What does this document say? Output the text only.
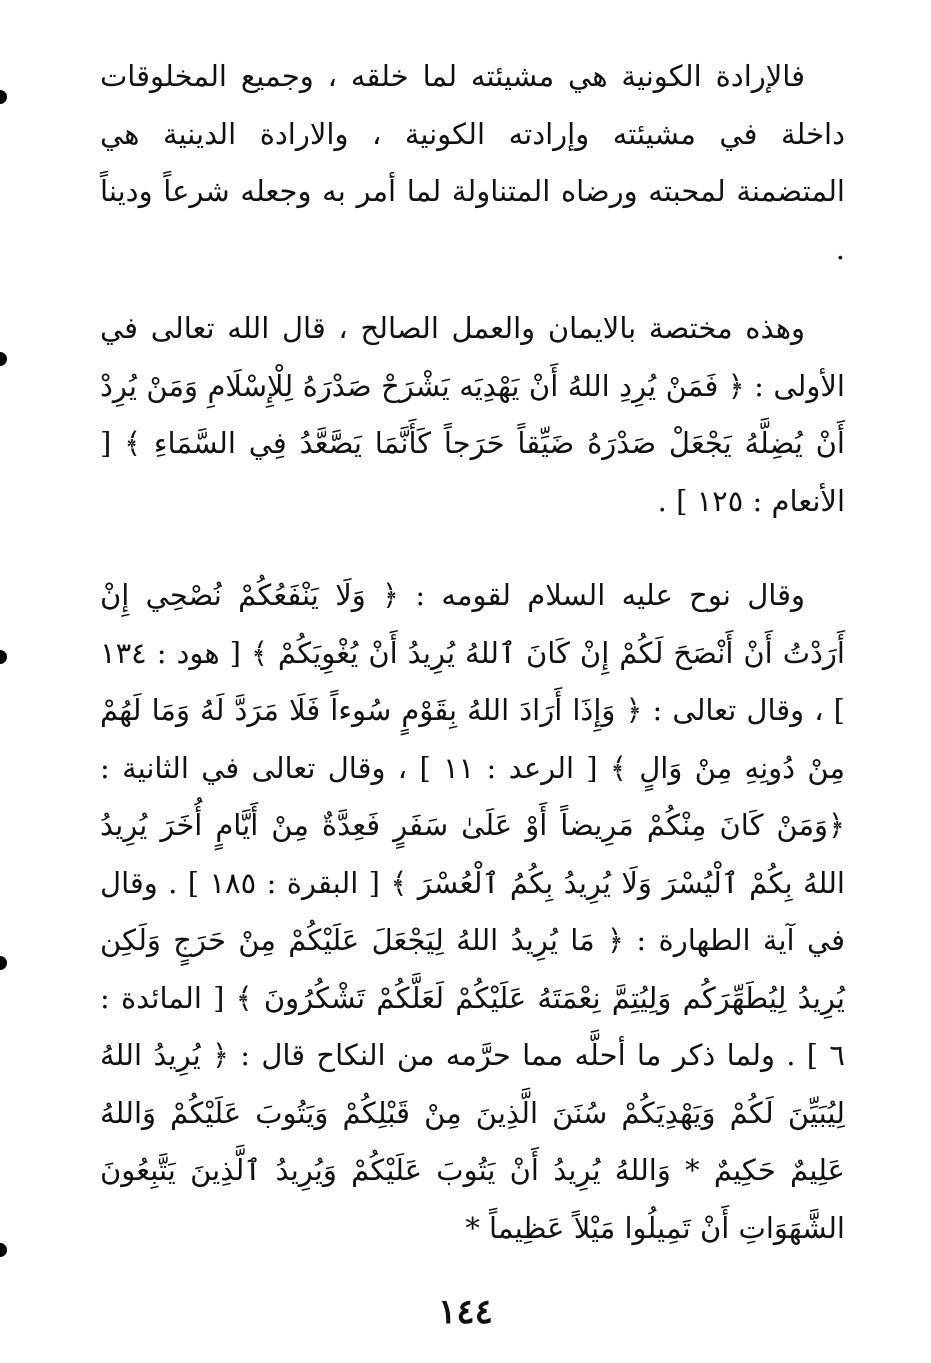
فالإرادة الكونية هي مشيئته لما خلقه ، وجميع المخلوقات داخلة في مشيئته وإرادته الكونية ، والارادة الدينية هي المتضمنة لمحبته ورضاه المتناولة لما أمر به وجعله شرعاً وديناً .

وهذه مختصة بالايمان والعمل الصالح ، قال الله تعالى في الأولى : ﴿ فَمَنْ يُرِدِ اللهُ أَنْ يَهْدِيَه يَشْرَحْ صَدْرَهُ لِلْإِسْلَامِ وَمَنْ يُرِدْ أَنْ يُضِلَّهُ يَجْعَلْ صَدْرَهُ ضَيِّقاً حَرَجاً كَأَنَّمَا يَصَّعَّدُ فِي السَّمَاءِ ﴾ [ الأنعام : ١٢٥ ] .

وقال نوح عليه السلام لقومه : ﴿ وَلَا يَنْفَعُكُمْ نُصْحِي إِنْ أَرَدْتُ أَنْ أَنْصَحَ لَكُمْ إِنْ كَانَ ٱللهُ يُرِيدُ أَنْ يُغْوِيَكُمْ ﴾ [ هود : ١٣٤ ] ، وقال تعالى : ﴿ وَإِذَا أَرَادَ اللهُ بِقَوْمٍ سُوءاً فَلَا مَرَدَّ لَهُ وَمَا لَهُمْ مِنْ دُونِهِ مِنْ وَالٍ ﴾ [ الرعد : ١١ ] ، وقال تعالى في الثانية : ﴿وَمَنْ كَانَ مِنْكُمْ مَرِيضاً أَوْ عَلَىٰ سَفَرٍ فَعِدَّةٌ مِنْ أَيَّامٍ أُخَرَ يُرِيدُ اللهُ بِكُمْ ٱلْيُسْرَ وَلَا يُرِيدُ بِكُمُ ٱلْعُسْرَ ﴾ [ البقرة : ١٨٥ ] . وقال في آية الطهارة : ﴿ مَا يُرِيدُ اللهُ لِيَجْعَلَ عَلَيْكُمْ مِنْ حَرَجٍ وَلَكِن يُرِيدُ لِيُطَهِّرَكُم وَلِيُتِمَّ نِعْمَتَهُ عَلَيْكُمْ لَعَلَّكُمْ تَشْكُرُونَ ﴾ [ المائدة : ٦ ] . ولما ذكر ما أحلَّه مما حرَّمه من النكاح قال : ﴿ يُرِيدُ اللهُ لِيُبَيِّنَ لَكُمْ وَيَهْدِيَكُمْ سُنَنَ الَّذِينَ مِنْ قَبْلِكُمْ وَيَتُوبَ عَلَيْكُمْ وَاللهُ عَلِيمٌ حَكِيمٌ * وَاللهُ يُرِيدُ أَنْ يَتُوبَ عَلَيْكُمْ وَيُرِيدُ ٱلَّذِينَ يَتَّبِعُونَ الشَّهَوَاتِ أَنْ تَمِيلُوا مَيْلاً عَظِيماً *

١٤٤
